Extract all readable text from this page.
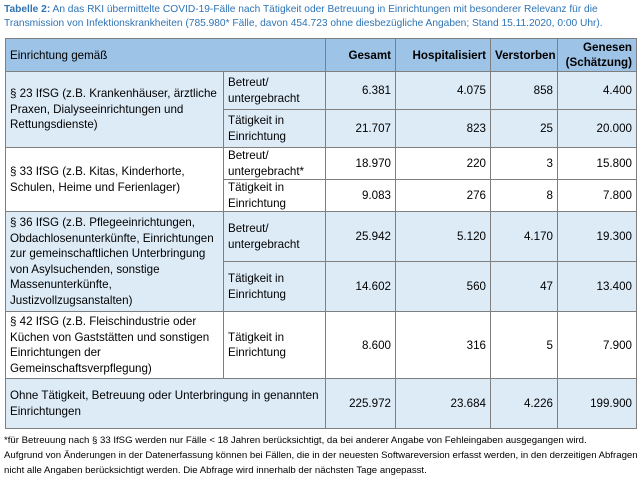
Tabelle 2: An das RKI übermittelte COVID-19-Fälle nach Tätigkeit oder Betreuung in Einrichtungen mit besonderer Relevanz für die Transmission von Infektionskrankheiten (785.980* Fälle, davon 454.723 ohne diesbezügliche Angaben; Stand 15.11.2020, 0:00 Uhr).
Einrichtung gemäß		Gesamt	Hospitalisiert	Verstorben	Genesen (Schätzung)
§ 23 IfSG (z.B. Krankenhäuser, ärztliche Praxen, Dialyseeinrichtungen und Rettungsdienste)	Betreut/ untergebracht	6.381	4.075	858	4.400
	Tätigkeit in Einrichtung	21.707	823	25	20.000
§ 33 IfSG (z.B. Kitas, Kinderhorte, Schulen, Heime und Ferienlager)	Betreut/ untergebracht*	18.970	220	3	15.800
	Tätigkeit in Einrichtung	9.083	276	8	7.800
§ 36 IfSG (z.B. Pflegeeinrichtungen, Obdachlosenunterkünfte, Einrichtungen zur gemeinschaftlichen Unterbringung von Asylsuchenden, sonstige Massenunterkünfte, Justizvollzugsanstalten)	Betreut/ untergebracht	25.942	5.120	4.170	19.300
	Tätigkeit in Einrichtung	14.602	560	47	13.400
§ 42 IfSG (z.B. Fleischindustrie oder Küchen von Gaststätten und sonstigen Einrichtungen der Gemeinschaftsverpflegung)	Tätigkeit in Einrichtung	8.600	316	5	7.900
Ohne Tätigkeit, Betreuung oder Unterbringung in genannten Einrichtungen		225.972	23.684	4.226	199.900
*für Betreuung nach § 33 IfSG werden nur Fälle < 18 Jahren berücksichtigt, da bei anderer Angabe von Fehleingaben ausgegangen wird.
Aufgrund von Änderungen in der Datenerfassung können bei Fällen, die in der neuesten Softwareversion erfasst werden, in den derzeitigen Abfragen nicht alle Angaben berücksichtigt werden. Die Abfrage wird innerhalb der nächsten Tage angepasst.
